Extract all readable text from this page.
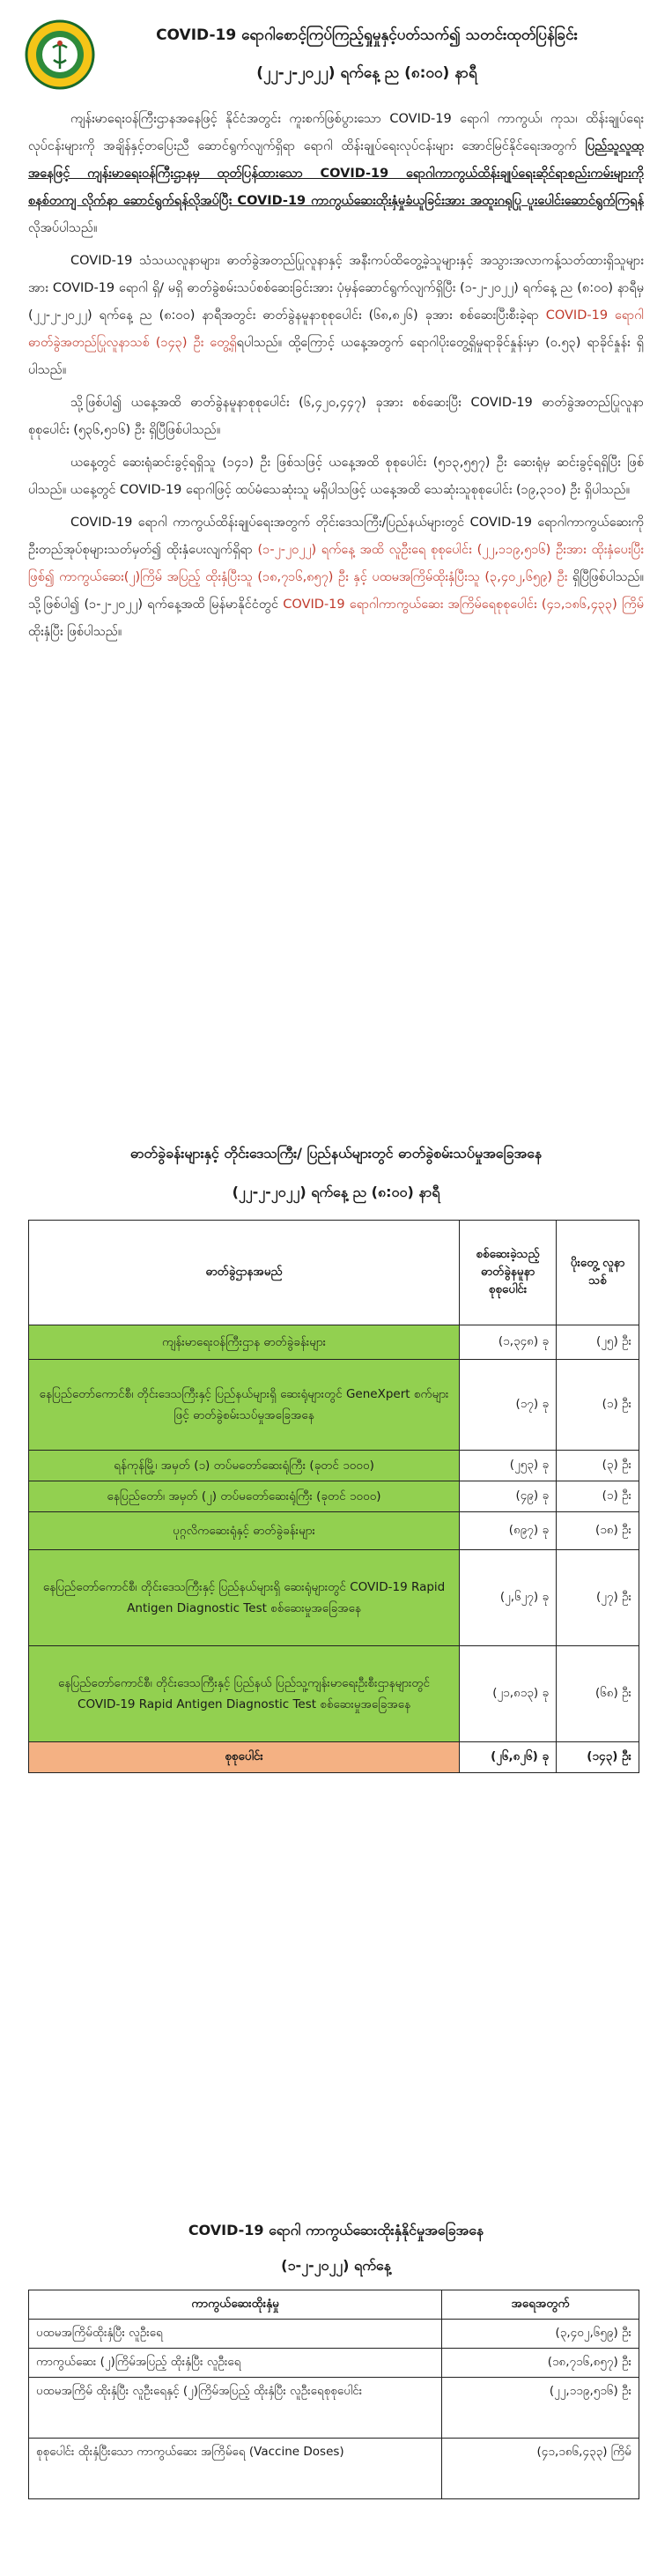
COVID-19 ရောဂါစောင့်ကြပ်ကြည့်ရှုမှုနှင့်ပတ်သက်၍ သတင်းထုတ်ပြန်ခြင်း
(၂၂-၂-၂၀၂၂) ရက်နေ့ ည (၈:၀၀) နာရီ

ကျန်းမာရေးဝန်ကြီးဌာနအနေဖြင့် နိုင်ငံအတွင်း ကူးစက်ဖြစ်ပွားသော COVID-19 ရောဂါ ကာကွယ်၊ ကုသ၊ ထိန်းချုပ်ရေးလုပ်ငန်းများကို အချိန်နှင့်တပြေးညီ ဆောင်ရွက်လျက်ရှိရာ ရောဂါ ထိန်းချုပ်ရေးလုပ်ငန်းများ အောင်မြင်နိုင်ရေးအတွက် ပြည်သူလူထုအနေဖြင့် ကျန်းမာရေးဝန်ကြီးဌာနမှ ထုတ်ပြန်ထားသော COVID-19 ရောဂါကာကွယ်ထိန်းချုပ်ရေးဆိုင်ရာစည်းကမ်းများကို စနစ်တကျ လိုက်နာ ဆောင်ရွက်ရန်လိုအပ်ပြီး COVID-19 ကာကွယ်ဆေးထိုးနှံမှုခံယူခြင်းအား အထူးဂရုပြု ပူးပေါင်းဆောင်ရွက်ကြရန် လိုအပ်ပါသည်။

COVID-19 သံသယလူနာများ၊ ဓာတ်ခွဲအတည်ပြုလူနာနှင့် အနီးကပ်ထိတွေ့ခဲ့သူများနှင့် အသွားအလာကန့်သတ်ထားရှိသူများအား COVID-19 ရောဂါ ရှိ/ မရှိ ဓာတ်ခွဲစမ်းသပ်စစ်ဆေးခြင်းအား ပုံမှန်ဆောင်ရွက်လျက်ရှိပြီး (၁-၂-၂၀၂၂) ရက်နေ့ ည (၈:၀၀) နာရီမှ (၂၂-၂-၂၀၂၂) ရက်နေ့ ည (၈:၀၀) နာရီအတွင်း ဓာတ်ခွဲနမူနာစုစုပေါင်း (၆၈,၈၂၆) ခုအား စစ်ဆေးပြီးစီးခဲ့ရာ COVID-19 ရောဂါ ဓာတ်ခွဲအတည်ပြုလူနာသစ် (၁၄၃) ဦး တွေ့ရှိရပါသည်။ ထို့ကြောင့် ယနေ့အတွက် ရောဂါပိုးတွေ့ရှိမှုရာခိုင်နှုန်းမှာ (၀.၅၃) ရာခိုင်နှုန်း ရှိပါသည်။

သို့ဖြစ်ပါ၍ ယနေ့အထိ ဓာတ်ခွဲနမူနာစုစုပေါင်း (၆,၄၂၀,၄၄၇) ခုအား စစ်ဆေးပြီး COVID-19 ဓာတ်ခွဲအတည်ပြုလူနာ စုစုပေါင်း (၅၃၆,၅၁၆) ဦး ရှိပြီဖြစ်ပါသည်။

ယနေ့တွင် ဆေးရုံဆင်းခွင့်ရရှိသူ (၁၄၁) ဦး ဖြစ်သဖြင့် ယနေ့အထိ စုစုပေါင်း (၅၁၃,၅၅၇) ဦး ဆေးရုံမှ ဆင်းခွင့်ရရှိပြီး ဖြစ်ပါသည်။ ယနေ့တွင် COVID-19 ရောဂါဖြင့် ထပ်မံသေဆုံးသူ မရှိပါသဖြင့် ယနေ့အထိ သေဆုံးသူစုစုပေါင်း (၁၉,၃၁၀) ဦး ရှိပါသည်။

COVID-19 ရောဂါ ကာကွယ်ထိန်းချုပ်ရေးအတွက် တိုင်းဒေသကြီး/ပြည်နယ်များတွင် COVID-19 ရောဂါကာကွယ်ဆေးကို ဦးတည်အုပ်စုများသတ်မှတ်၍ ထိုးနှံပေးလျက်ရှိရာ (၁-၂-၂၀၂၂) ရက်နေ့ အထိ လူဦးရေ စုစုပေါင်း (၂၂,၁၁၉,၅၁၆) ဦးအား ထိုးနှံပေးပြီးဖြစ်၍ ကာကွယ်ဆေး(၂)ကြိမ် အပြည့် ထိုးနှံပြီးသူ (၁၈,၇၁၆,၈၅၇) ဦး နှင့် ပထမအကြိမ်ထိုးနှံပြီးသူ (၃,၄၀၂,၆၅၉) ဦး ရှိပြီဖြစ်ပါသည်။ သို့ဖြစ်ပါ၍ (၁-၂-၂၀၂၂) ရက်နေ့အထိ မြန်မာနိုင်ငံတွင် COVID-19 ရောဂါကာကွယ်ဆေး အကြိမ်ရေစုစုပေါင်း (၄၁,၁၈၆,၄၃၃) ကြိမ် ထိုးနှံပြီး ဖြစ်ပါသည်။

ဓာတ်ခွဲခန်းများနှင့် တိုင်းဒေသကြီး/ ပြည်နယ်များတွင် ဓာတ်ခွဲစမ်းသပ်မှုအခြေအနေ
(၂၂-၂-၂၀၂၂) ရက်နေ့ ည (၈:၀၀) နာရီ
ဓာတ်ခွဲဌာနအမည်	စစ်ဆေးခဲ့သည့် ဓာတ်ခွဲနမူနာ စုစုပေါင်း	ပိုးတွေ့ လူနာသစ်
ကျန်းမာရေးဝန်ကြီးဌာန ဓာတ်ခွဲခန်းများ	(၁,၃၄၈) ခု	(၂၅) ဦး
နေပြည်တော်ကောင်စီ၊ တိုင်းဒေသကြီးနှင့် ပြည်နယ်များရှိ ဆေးရုံများတွင် GeneXpert စက်များဖြင့် ဓာတ်ခွဲစမ်းသပ်မှုအခြေအနေ	(၁၇) ခု	(၁) ဦး
ရန်ကုန်မြို့၊ အမှတ် (၁) တပ်မတော်ဆေးရုံကြီး (ခုတင် ၁၀၀၀)	(၂၅၃) ခု	(၃) ဦး
နေပြည်တော်၊ အမှတ် (၂) တပ်မတော်ဆေးရုံကြီး (ခုတင် ၁၀၀၀)	(၄၉) ခု	(၁) ဦး
ပုဂ္ဂလိကဆေးရုံနှင့် ဓာတ်ခွဲခန်းများ	(၈၉၇) ခု	(၁၈) ဦး
နေပြည်တော်ကောင်စီ၊ တိုင်းဒေသကြီးနှင့် ပြည်နယ်များရှိ ဆေးရုံများတွင် COVID-19 Rapid Antigen Diagnostic Test စစ်ဆေးမှုအခြေအနေ	(၂,၆၂၇) ခု	(၂၇) ဦး
နေပြည်တော်ကောင်စီ၊ တိုင်းဒေသကြီးနှင့် ပြည်နယ် ပြည်သူ့ကျန်းမာရေးဦးစီးဌာနများတွင် COVID-19 Rapid Antigen Diagnostic Test စစ်ဆေးမှုအခြေအနေ	(၂၁,၈၁၃) ခု	(၆၈) ဦး
စုစုပေါင်း	(၂၆,၈၂၆) ခု	(၁၄၃) ဦး
COVID-19 ရောဂါ ကာကွယ်ဆေးထိုးနှံနိုင်မှုအခြေအနေ
(၁-၂-၂၀၂၂) ရက်နေ့
ကာကွယ်ဆေးထိုးနှံမှု	အရေအတွက်
ပထမအကြိမ်ထိုးနှံပြီး လူဦးရေ	(၃,၄၀၂,၆၅၉) ဦး
ကာကွယ်ဆေး (၂)ကြိမ်အပြည့် ထိုးနှံပြီး လူဦးရေ	(၁၈,၇၁၆,၈၅၇) ဦး
ပထမအကြိမ် ထိုးနှံပြီး လူဦးရေနှင့် (၂)ကြိမ်အပြည့် ထိုးနှံပြီး လူဦးရေစုစုပေါင်း	(၂၂,၁၁၉,၅၁၆) ဦး
စုစုပေါင်း ထိုးနှံပြီးသော ကာကွယ်ဆေး အကြိမ်ရေ (Vaccine Doses)	(၄၁,၁၈၆,၄၃၃) ကြိမ်
